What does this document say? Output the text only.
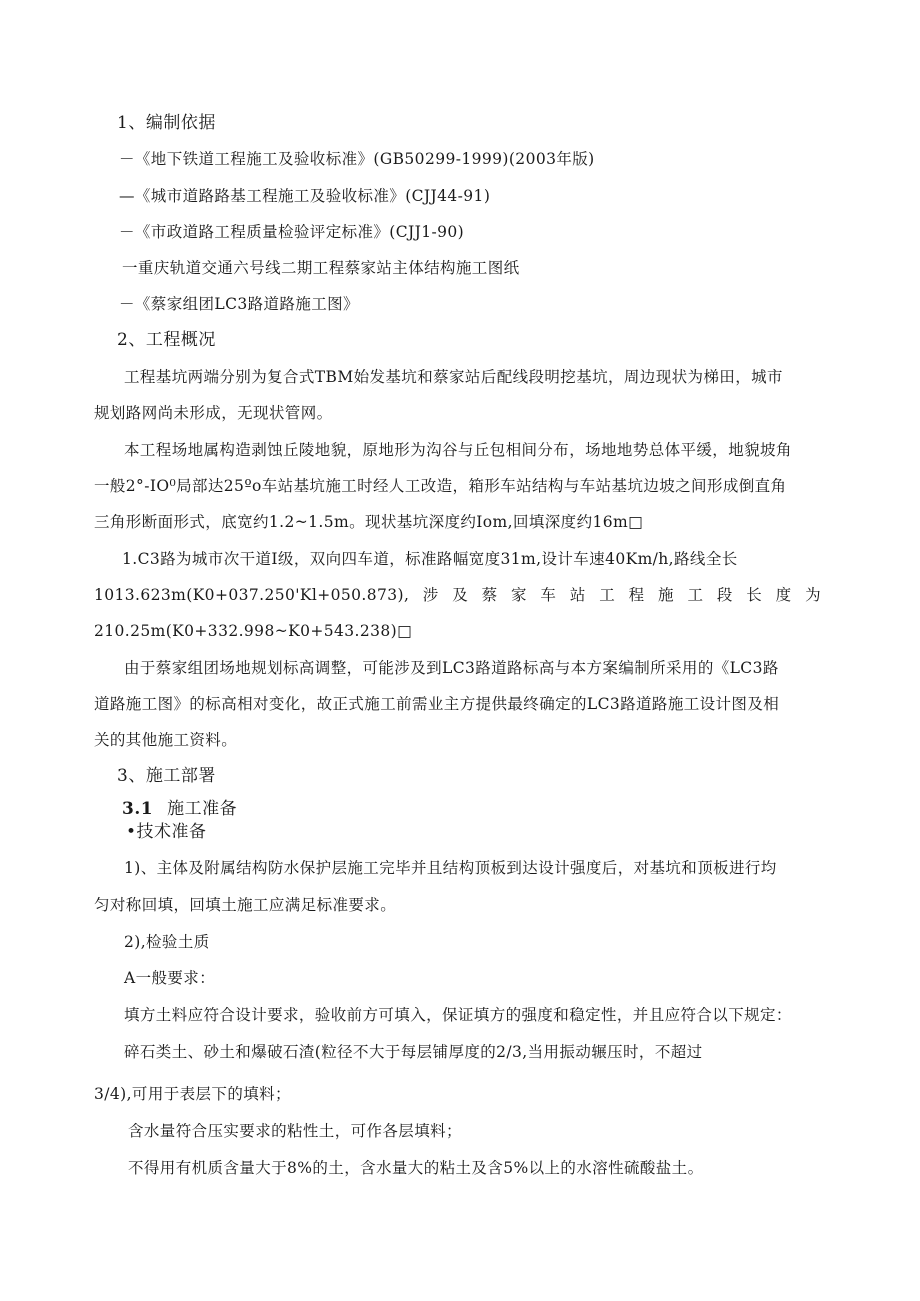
1、编制依据
－《地下铁道工程施工及验收标准》(GB50299-1999)(2003年版)
—《城市道路路基工程施工及验收标准》(CJJ44-91)
－《市政道路工程质量检验评定标准》(CJJ1-90)
一重庆轨道交通六号线二期工程蔡家站主体结构施工图纸
－《蔡家组团LC3路道路施工图》
2、工程概况
工程基坑两端分别为复合式TBM始发基坑和蔡家站后配线段明挖基坑，周边现状为梯田，城市
规划路网尚未形成，无现状管网。
本工程场地属构造剥蚀丘陵地貌，原地形为沟谷与丘包相间分布，场地地势总体平缓，地貌坡角
一般2°-IO⁰局部达25ºo车站基坑施工时经人工改造，箱形车站结构与车站基坑边坡之间形成倒直角
三角形断面形式，底宽约1.2~1.5m。现状基坑深度约Iom,回填深度约16m□
1.C3路为城市次干道I级，双向四车道，标准路幅宽度31m,设计车速40Km/h,路线全长
1013.623m(K0+037.250'Kl+050.873), 涉 及 蔡 家 车 站 工 程 施 工 段 长 度 为
210.25m(K0+332.998~K0+543.238)□
由于蔡家组团场地规划标高调整，可能涉及到LC3路道路标高与本方案编制所采用的《LC3路
道路施工图》的标高相对变化，故正式施工前需业主方提供最终确定的LC3路道路施工设计图及相
关的其他施工资料。
3、施工部署
3.1 施工准备
•技术准备
1)、主体及附属结构防水保护层施工完毕并且结构顶板到达设计强度后，对基坑和顶板进行均
匀对称回填，回填土施工应满足标准要求。
2),检验土质
A一般要求：
填方土料应符合设计要求，验收前方可填入，保证填方的强度和稳定性，并且应符合以下规定：
碎石类土、砂土和爆破石渣(粒径不大于每层铺厚度的2/3,当用振动辗压时，不超过
3/4),可用于表层下的填料；
含水量符合压实要求的粘性土，可作各层填料；
不得用有机质含量大于8%的土，含水量大的粘土及含5%以上的水溶性硫酸盐土。
